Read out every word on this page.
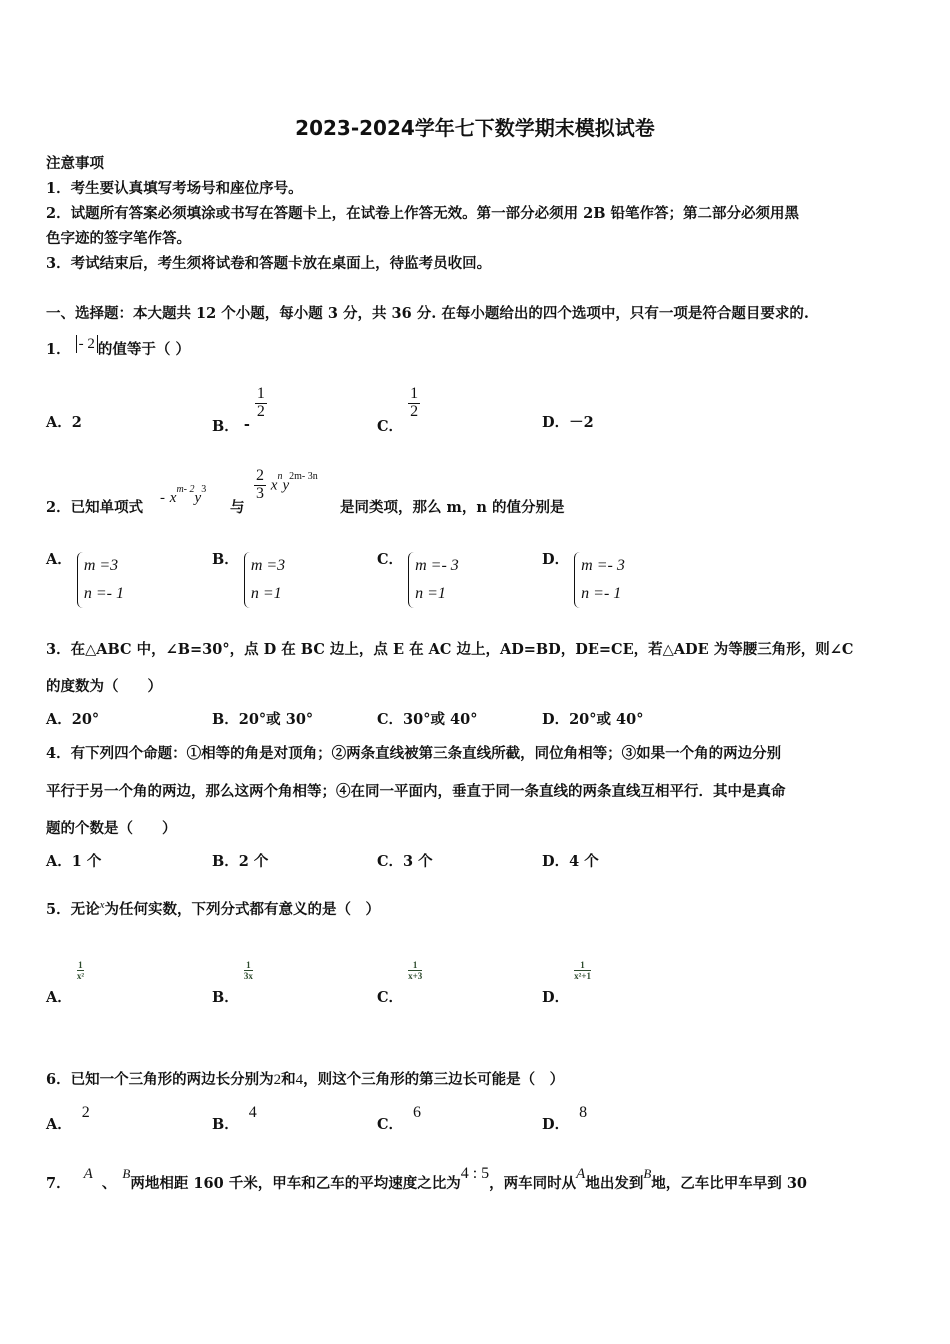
2023-2024学年七下数学期末模拟试卷
注意事项
1．考生要认真填写考场号和座位序号。
2．试题所有答案必须填涂或书写在答题卡上，在试卷上作答无效。第一部分必须用 2B 铅笔作答；第二部分必须用黑
色字迹的签字笔作答。
3．考试结束后，考生须将试卷和答题卡放在桌面上，待监考员收回。
一、选择题：本大题共 12 个小题，每小题 3 分，共 36 分. 在每小题给出的四个选项中，只有一项是符合题目要求的.
1． - 2 的值等于（ ）
A．2	B． -
$\frac{1}{2}$
C．
$\frac{1}{2}$
D．－2
2．已知单项式
- $x^{m- 2}y^3$
与
$\frac{2}{3} x^ny^{2m- 3n}$
是同类项，那么 m，n 的值分别是
A． m =3
n =- 1
B． m =3
n =1
C． m =- 3
n =1
D． m =- 3
n =- 1
3．在△ABC 中，∠B=30°，点 D 在 BC 边上，点 E 在 AC 边上，AD=BD，DE=CE，若△ADE 为等腰三角形，则∠C
的度数为（　　）
A．20°	B．20°或 30°	C．30°或 40°	D．20°或 40°
4．有下列四个命题：①相等的角是对顶角；②两条直线被第三条直线所截，同位角相等；③如果一个角的两边分别
平行于另一个角的两边，那么这两个角相等；④在同一平面内，垂直于同一条直线的两条直线互相平行．其中是真命
题的个数是（　　）
A．1 个	B．2 个	C．3 个	D．4 个
5．无论$^x$为任何实数，下列分式都有意义的是（　）
A．
$\frac{1}{\text{x²}}$
B．
$\frac{1}{3x}$
C．
$\frac{1}{x+3}$
D．
$\frac{1}{\text{x²+1}}$
6．已知一个三角形的两边长分别为2和4，则这个三角形的第三边长可能是（　）
A．2
B．4
C．6
D．8
7． A 、B两地相距 160 千米，甲车和乙车的平均速度之比为4 : 5，两车同时从A地出发到B地，乙车比甲车早到 30
